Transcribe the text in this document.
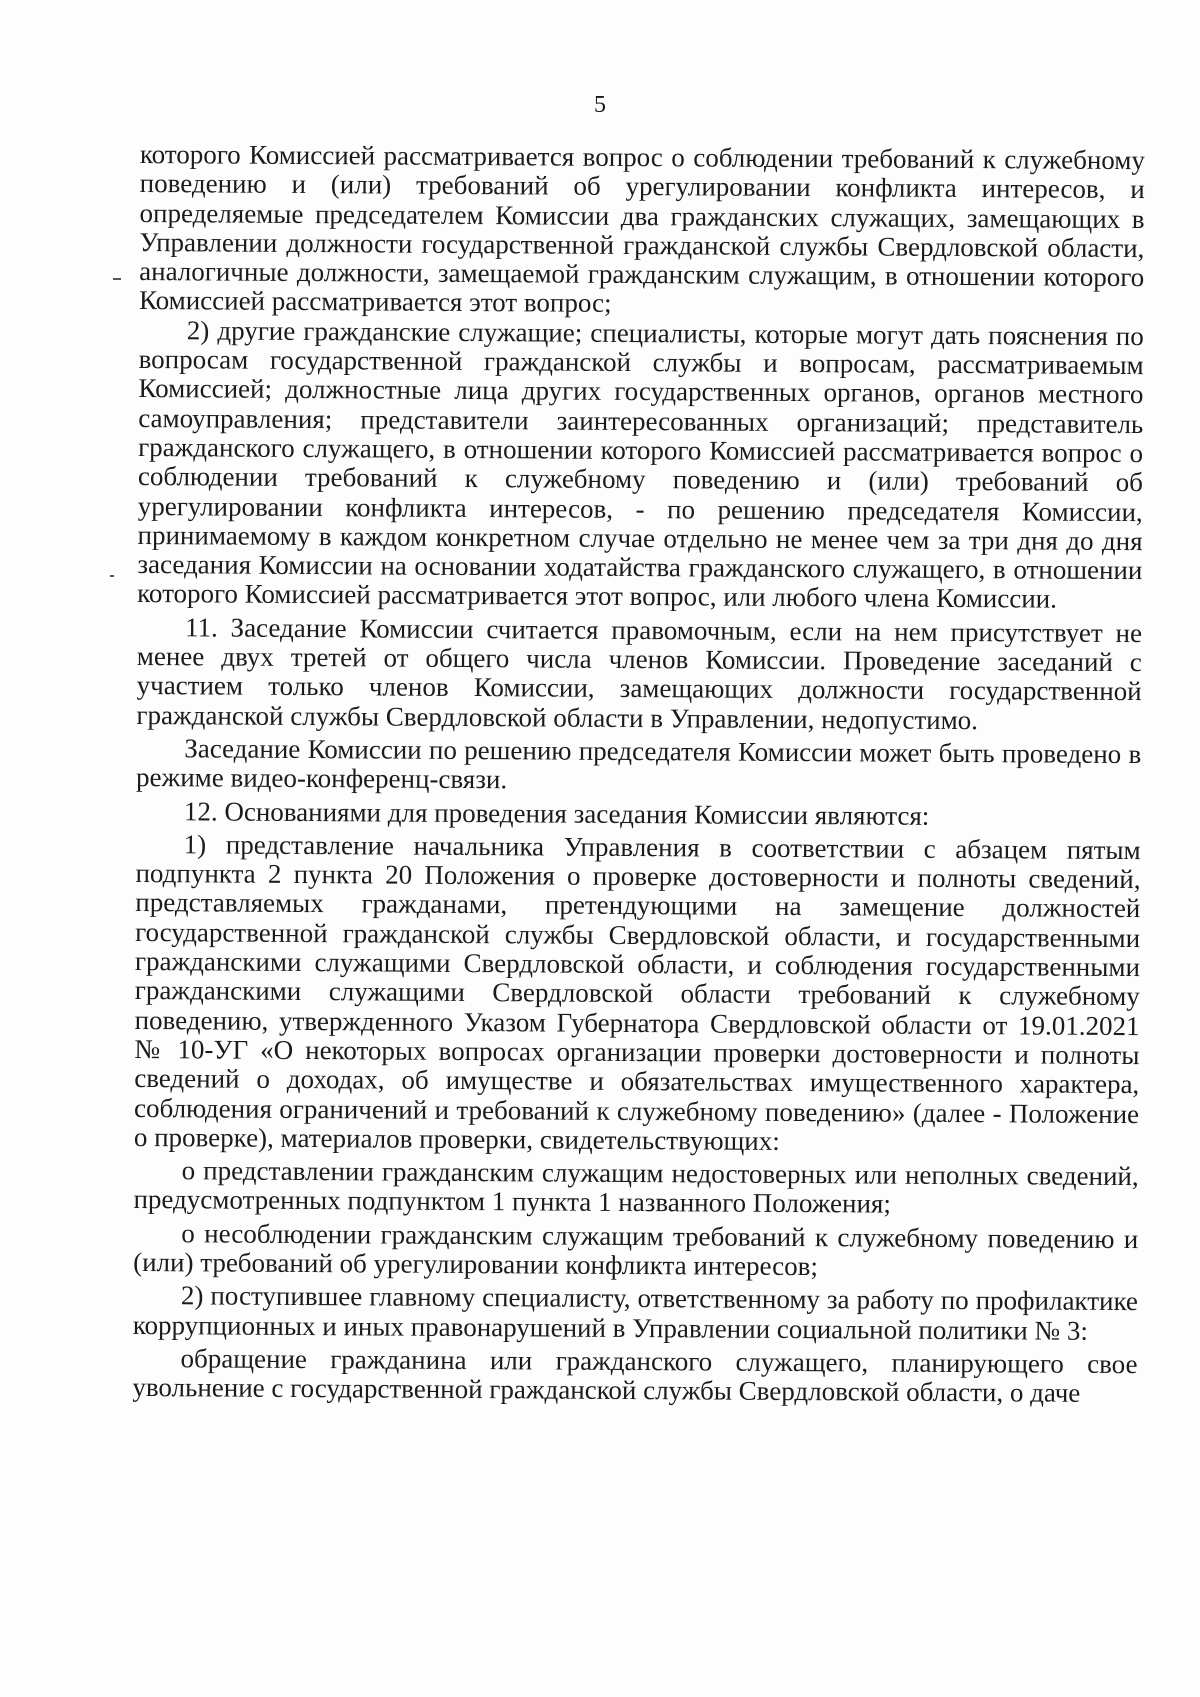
5

которого Комиссией рассматривается вопрос о соблюдении требований к служебному поведению и (или) требований об урегулировании конфликта интересов, и определяемые председателем Комиссии два гражданских служащих, замещающих в Управлении должности государственной гражданской службы Свердловской области, аналогичные должности, замещаемой гражданским служащим, в отношении которого Комиссией рассматривается этот вопрос;

2) другие гражданские служащие; специалисты, которые могут дать пояснения по вопросам государственной гражданской службы и вопросам, рассматриваемым Комиссией; должностные лица других государственных органов, органов местного самоуправления; представители заинтересованных организаций; представитель гражданского служащего, в отношении которого Комиссией рассматривается вопрос о соблюдении требований к служебному поведению и (или) требований об урегулировании конфликта интересов, - по решению председателя Комиссии, принимаемому в каждом конкретном случае отдельно не менее чем за три дня до дня заседания Комиссии на основании ходатайства гражданского служащего, в отношении которого Комиссией рассматривается этот вопрос, или любого члена Комиссии.

11. Заседание Комиссии считается правомочным, если на нем присутствует не менее двух третей от общего числа членов Комиссии. Проведение заседаний с участием только членов Комиссии, замещающих должности государственной гражданской службы Свердловской области в Управлении, недопустимо.

Заседание Комиссии по решению председателя Комиссии может быть проведено в режиме видео-конференц-связи.

12. Основаниями для проведения заседания Комиссии являются:

1) представление начальника Управления в соответствии с абзацем пятым подпункта 2 пункта 20 Положения о проверке достоверности и полноты сведений, представляемых гражданами, претендующими на замещение должностей государственной гражданской службы Свердловской области, и государственными гражданскими служащими Свердловской области, и соблюдения государственными гражданскими служащими Свердловской области требований к служебному поведению, утвержденного Указом Губернатора Свердловской области от 19.01.2021 № 10-УГ «О некоторых вопросах организации проверки достоверности и полноты сведений о доходах, об имуществе и обязательствах имущественного характера, соблюдения ограничений и требований к служебному поведению» (далее - Положение о проверке), материалов проверки, свидетельствующих:

о представлении гражданским служащим недостоверных или неполных сведений, предусмотренных подпунктом 1 пункта 1 названного Положения;

о несоблюдении гражданским служащим требований к служебному поведению и (или) требований об урегулировании конфликта интересов;

2) поступившее главному специалисту, ответственному за работу по профилактике коррупционных и иных правонарушений в Управлении социальной политики № 3:

обращение гражданина или гражданского служащего, планирующего свое увольнение с государственной гражданской службы Свердловской области, о даче
